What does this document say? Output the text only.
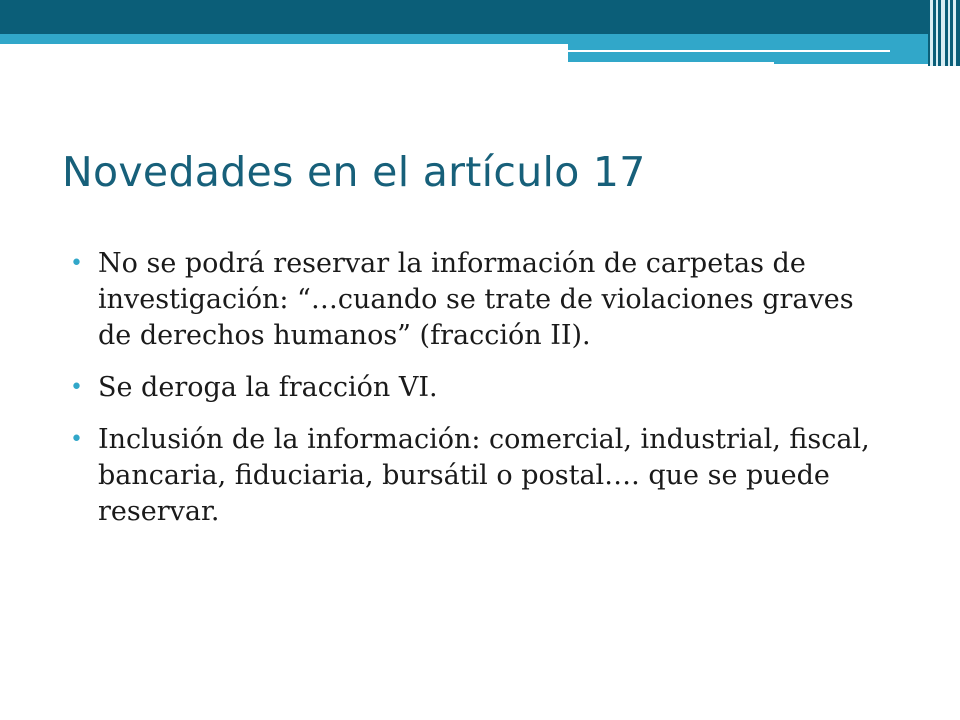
Novedades en el artículo 17
• No se podrá reservar la información de carpetas de investigación: “…cuando se trate de violaciones graves de derechos humanos” (fracción II).
• Se deroga la fracción VI.
• Inclusión de la información: comercial, industrial, fiscal, bancaria, fiduciaria, bursátil o postal…. que se puede reservar.
